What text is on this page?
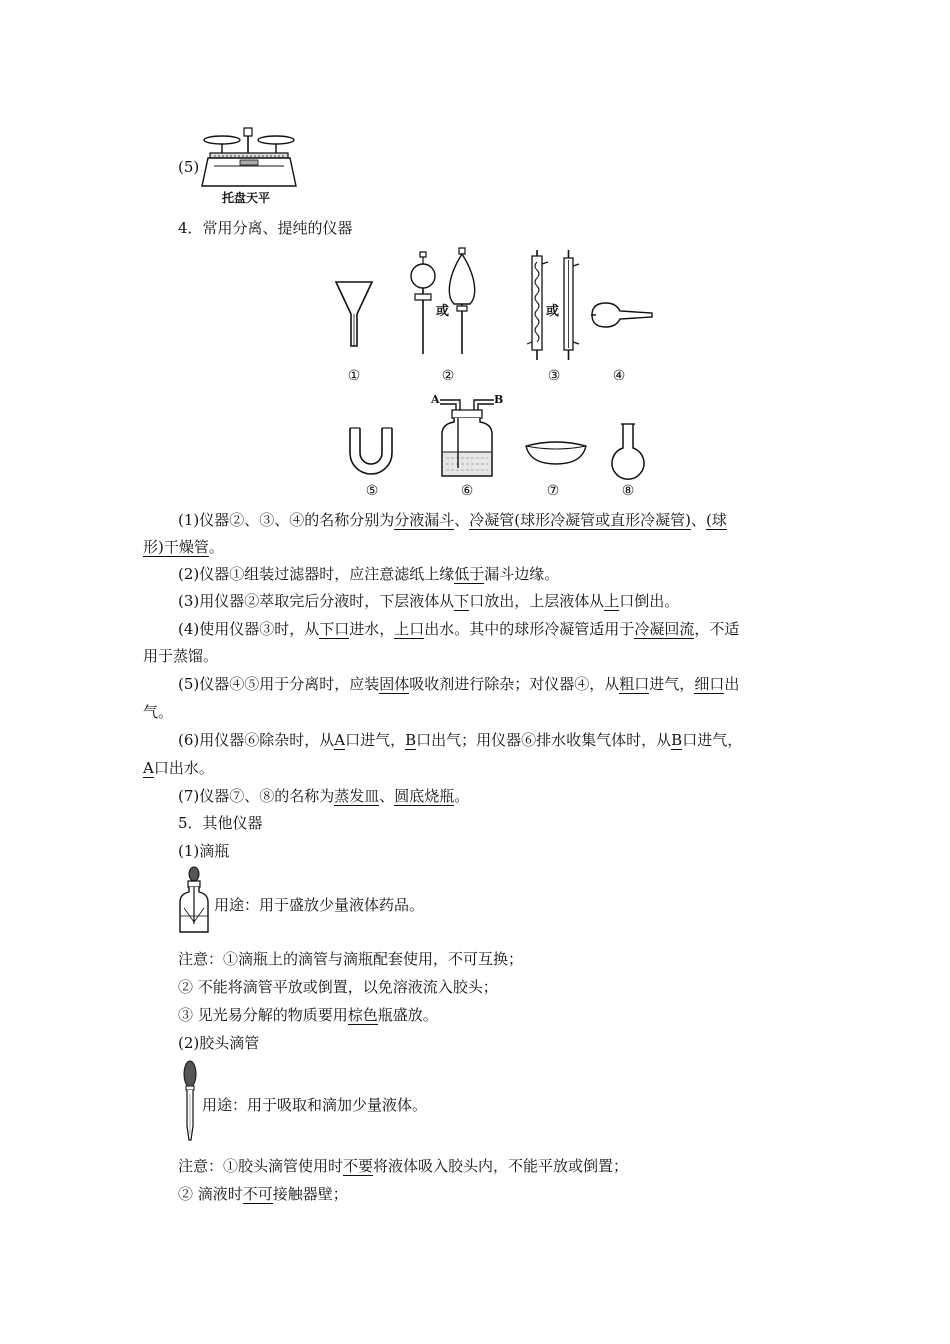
(5)
托盘天平
4．常用分离、提纯的仪器
①
或
②
或
③	④
⑤
A	B
⑥	⑦	⑧
(1)仪器②、③、④的名称分别为分液漏斗、冷凝管(球形冷凝管或直形冷凝管)、(球
形)干燥管。
(2)仪器①组装过滤器时，应注意滤纸上缘低于漏斗边缘。
(3)用仪器②萃取完后分液时，下层液体从下口放出，上层液体从上口倒出。
(4)使用仪器③时，从下口进水，上口出水。其中的球形冷凝管适用于冷凝回流，不适
用于蒸馏。
(5)仪器④⑤用于分离时，应装固体吸收剂进行除杂；对仪器④，从粗口进气，细口出
气。
(6)用仪器⑥除杂时，从A口进气，B口出气；用仪器⑥排水收集气体时，从B口进气，
A口出水。
(7)仪器⑦、⑧的名称为蒸发皿、圆底烧瓶。
5．其他仪器
(1)滴瓶
用途：用于盛放少量液体药品。
注意：①滴瓶上的滴管与滴瓶配套使用，不可互换；
② 不能将滴管平放或倒置，以免溶液流入胶头；
③ 见光易分解的物质要用棕色瓶盛放。
(2)胶头滴管
用途：用于吸取和滴加少量液体。
注意：①胶头滴管使用时不要将液体吸入胶头内，不能平放或倒置；
② 滴液时不可接触器壁；
